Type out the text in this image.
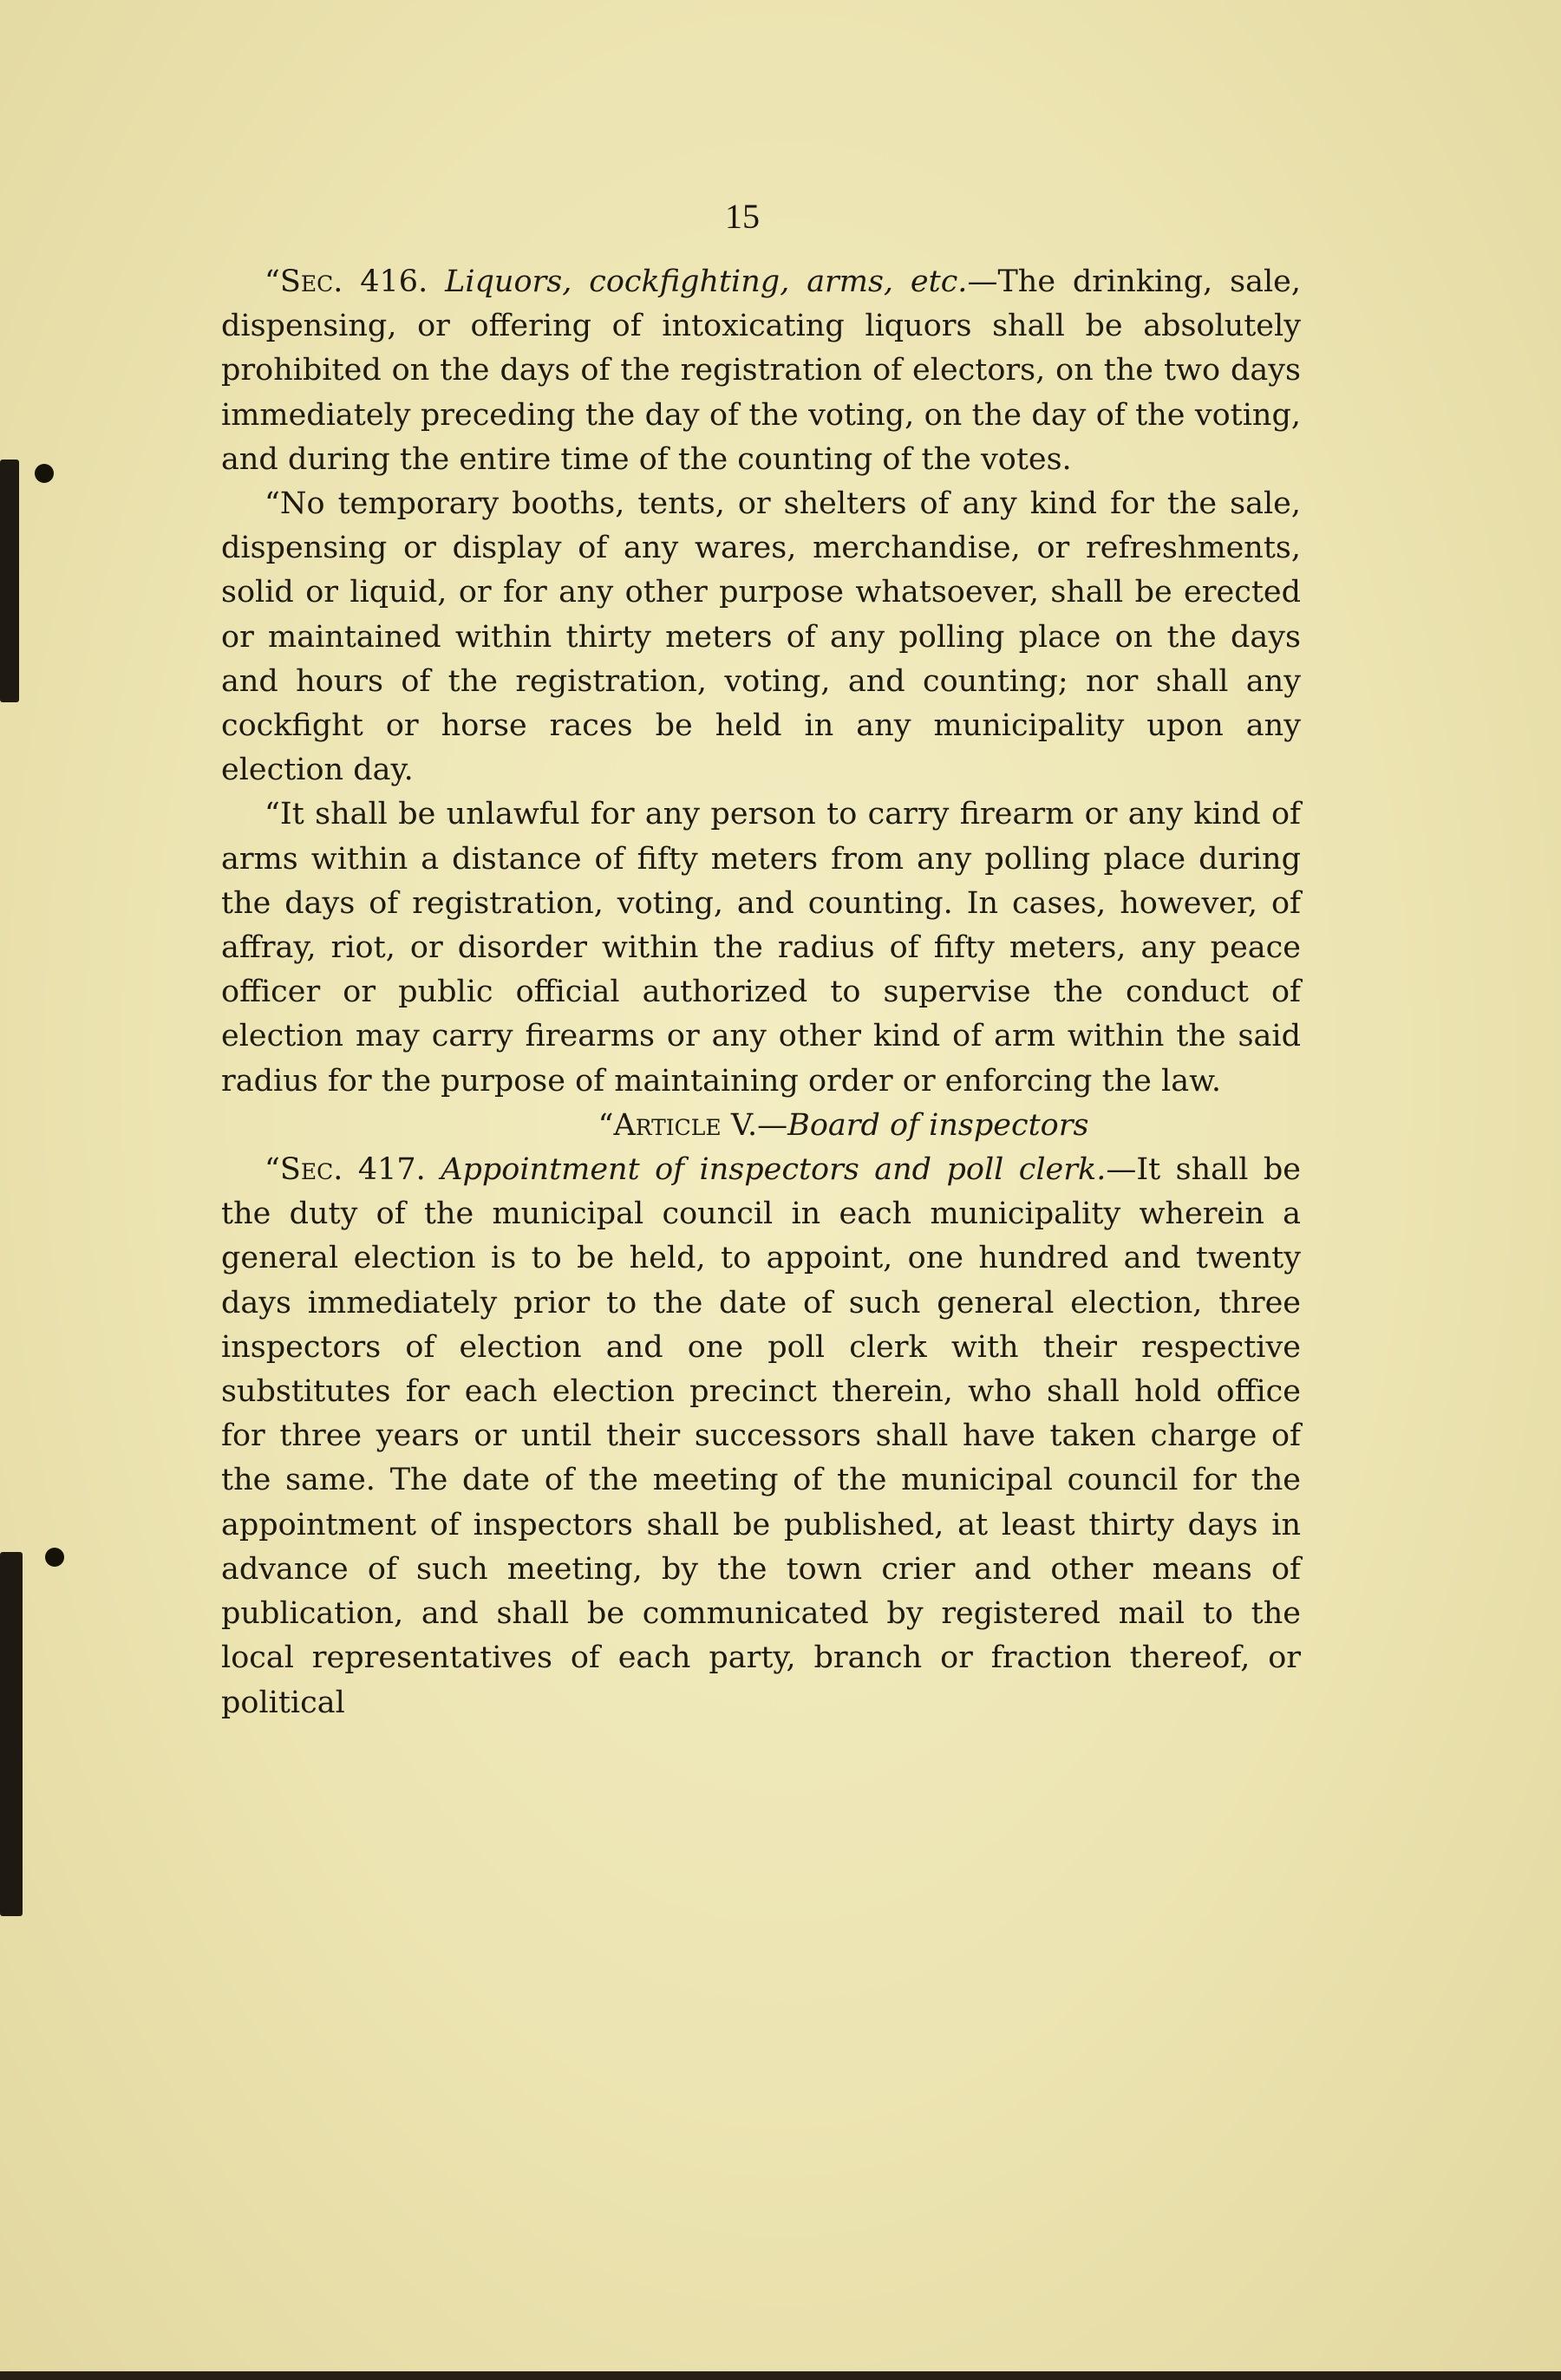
15

“Sec. 416. Liquors, cockfighting, arms, etc.—The drinking, sale, dispensing, or offering of intoxicating liquors shall be absolutely prohibited on the days of the registration of electors, on the two days immediately preceding the day of the voting, on the day of the voting, and during the entire time of the counting of the votes.

“No temporary booths, tents, or shelters of any kind for the sale, dispensing or display of any wares, merchandise, or refreshments, solid or liquid, or for any other purpose whatsoever, shall be erected or maintained within thirty meters of any polling place on the days and hours of the registration, voting, and counting; nor shall any cockfight or horse races be held in any municipality upon any election day.

“It shall be unlawful for any person to carry firearm or any kind of arms within a distance of fifty meters from any polling place during the days of registration, voting, and counting. In cases, however, of affray, riot, or disorder within the radius of fifty meters, any peace officer or public official authorized to supervise the conduct of election may carry firearms or any other kind of arm within the said radius for the purpose of maintaining order or enforcing the law.

“Article V.—Board of inspectors

“Sec. 417. Appointment of inspectors and poll clerk.—It shall be the duty of the municipal council in each municipality wherein a general election is to be held, to appoint, one hundred and twenty days immediately prior to the date of such general election, three inspectors of election and one poll clerk with their respective substitutes for each election precinct therein, who shall hold office for three years or until their successors shall have taken charge of the same. The date of the meeting of the municipal council for the appointment of inspectors shall be published, at least thirty days in advance of such meeting, by the town crier and other means of publication, and shall be communicated by registered mail to the local representatives of each party, branch or fraction thereof, or political
